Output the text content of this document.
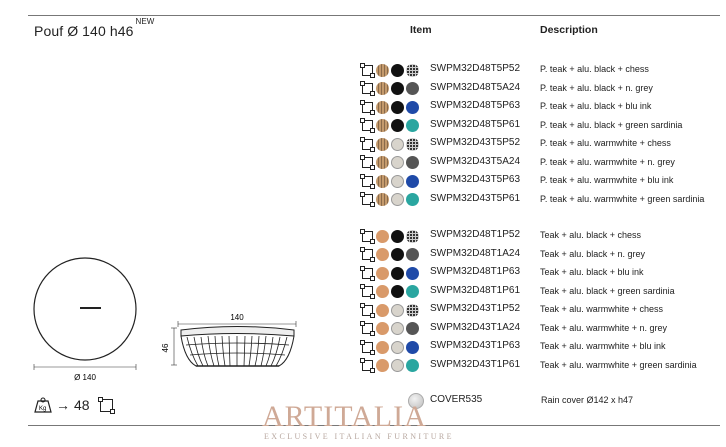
Pouf Ø 140 $h46^{NEW}$
Item	Description
SWPM32D48T5P52 P. teak + alu. black + chess
SWPM32D48T5A24 P. teak + alu. black + n. grey
SWPM32D48T5P63 P. teak + alu. black + blu ink
SWPM32D48T5P61 P. teak + alu. black + green sardinia
SWPM32D43T5P52 P. teak + alu. warmwhite + chess
SWPM32D43T5A24 P. teak + alu. warmwhite + n. grey
SWPM32D43T5P63 P. teak + alu. warmwhite + blu ink
SWPM32D43T5P61 P. teak + alu. warmwhite + green sardinia
SWPM32D48T1P52 Teak + alu. black + chess
SWPM32D48T1A24 Teak + alu. black + n. grey
SWPM32D48T1P63 Teak + alu. black + blu ink
SWPM32D48T1P61 Teak + alu. black + green sardinia
SWPM32D43T1P52 Teak + alu. warmwhite + chess
SWPM32D43T1A24 Teak + alu. warmwhite + n. grey
SWPM32D43T1P63 Teak + alu. warmwhite + blu ink
SWPM32D43T1P61 Teak + alu. warmwhite + green sardinia
COVER535	Rain cover Ø142 x h47
Kg → 48
Ø 140
140
46
ARTITALIA
EXCLUSIVE ITALIAN FURNITURE
